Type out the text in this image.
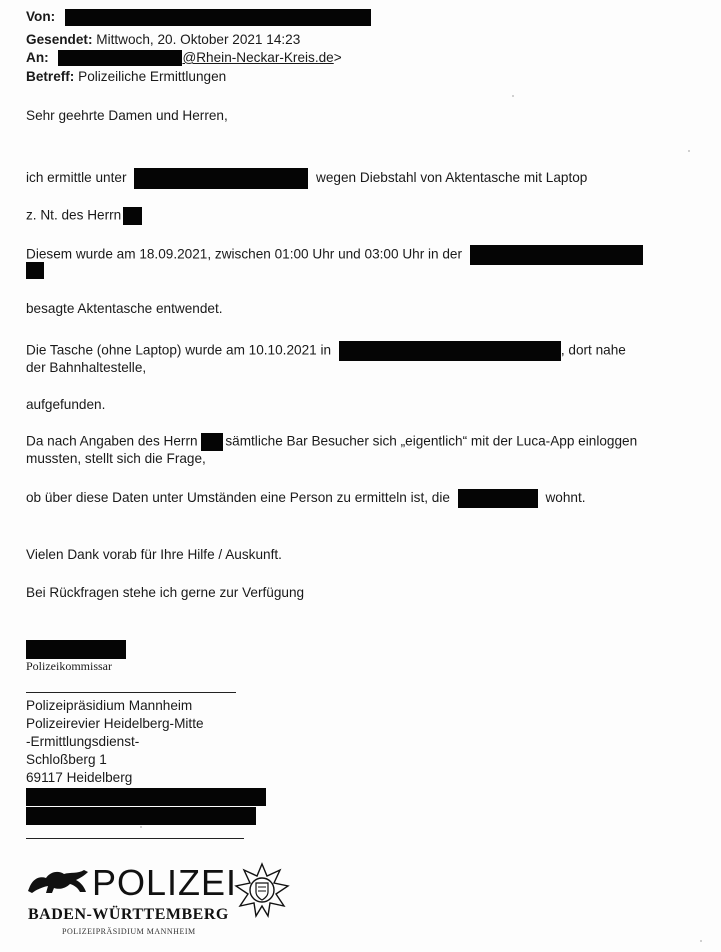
Von:
Gesendet: Mittwoch, 20. Oktober 2021 14:23
An:	@Rhein-Neckar-Kreis.de>
Betreff: Polizeiliche Ermittlungen
Sehr geehrte Damen und Herren,
ich ermittle unter	wegen Diebstahl von Aktentasche mit Laptop
z. Nt. des Herrn
Diesem wurde am 18.09.2021, zwischen 01:00 Uhr und 03:00 Uhr in der
besagte Aktentasche entwendet.
Die Tasche (ohne Laptop) wurde am 10.10.2021 in	, dort nahe
der Bahnhaltestelle,
aufgefunden.
Da nach Angaben des Herrn sämtliche Bar Besucher sich „eigentlich“ mit der Luca-App einloggen
mussten, stellt sich die Frage,
ob über diese Daten unter Umständen eine Person zu ermitteln ist, die	wohnt.
Vielen Dank vorab für Ihre Hilfe / Auskunft.
Bei Rückfragen stehe ich gerne zur Verfügung
Polizeikommissar
Polizeipräsidium Mannheim
Polizeirevier Heidelberg-Mitte
-Ermittlungsdienst-
Schloßberg 1
69117 Heidelberg
POLIZEI
BADEN-WÜRTTEMBERG
POLIZEIPRÄSIDIUM MANNHEIM
